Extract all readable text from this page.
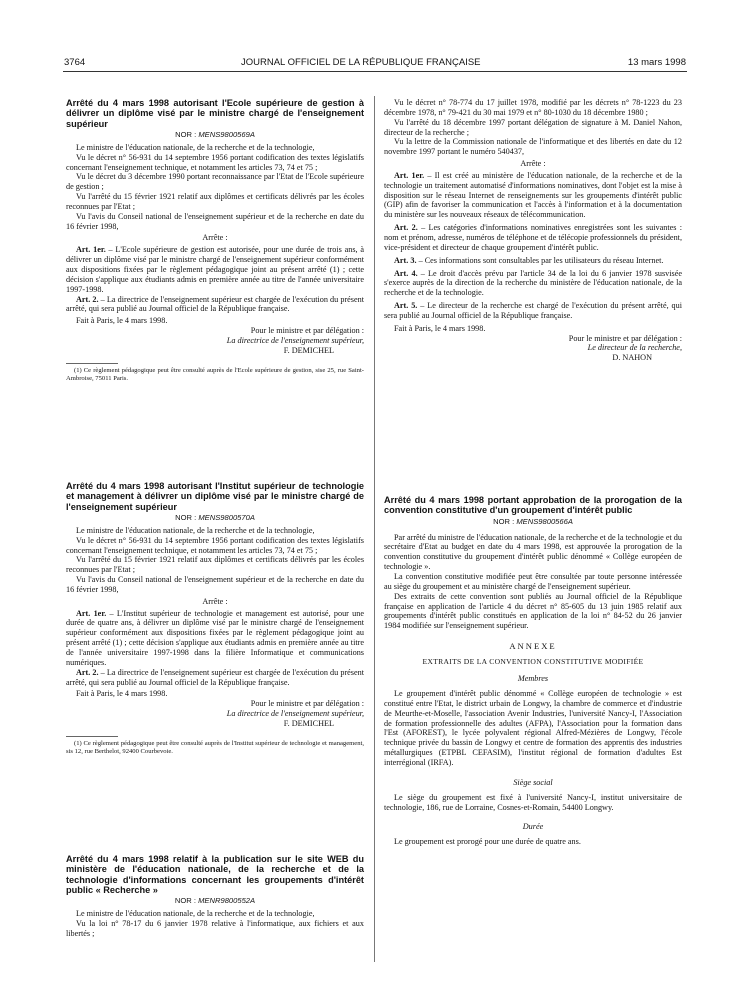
3764	JOURNAL OFFICIEL DE LA RÉPUBLIQUE FRANÇAISE	13 mars 1998

Arrêté du 4 mars 1998 autorisant l'Ecole supérieure de gestion à délivrer un diplôme visé par le ministre chargé de l'enseignement supérieur

NOR : MENS9800569A

Le ministre de l'éducation nationale, de la recherche et de la technologie,

Vu le décret n° 56-931 du 14 septembre 1956 portant codification des textes législatifs concernant l'enseignement technique, et notamment les articles 73, 74 et 75 ;

Vu le décret du 3 décembre 1990 portant reconnaissance par l'Etat de l'Ecole supérieure de gestion ;

Vu l'arrêté du 15 février 1921 relatif aux diplômes et certificats délivrés par les écoles reconnues par l'Etat ;

Vu l'avis du Conseil national de l'enseignement supérieur et de la recherche en date du 16 février 1998,

Arrête :

Art. 1er. – L'Ecole supérieure de gestion est autorisée, pour une durée de trois ans, à délivrer un diplôme visé par le ministre chargé de l'enseignement supérieur conformément aux dispositions fixées par le règlement pédagogique joint au présent arrêté (1) ; cette décision s'applique aux étudiants admis en première année au titre de l'année universitaire 1997-1998.

Art. 2. – La directrice de l'enseignement supérieur est chargée de l'exécution du présent arrêté, qui sera publié au Journal officiel de la République française.

Fait à Paris, le 4 mars 1998.

Pour le ministre et par délégation :

La directrice de l'enseignement supérieur,

F. DEMICHEL

(1) Ce règlement pédagogique peut être consulté auprès de l'Ecole supérieure de gestion, sise 25, rue Saint-Ambroise, 75011 Paris.

Arrêté du 4 mars 1998 autorisant l'Institut supérieur de technologie et management à délivrer un diplôme visé par le ministre chargé de l'enseignement supérieur

NOR : MENS9800570A

Le ministre de l'éducation nationale, de la recherche et de la technologie,

Vu le décret n° 56-931 du 14 septembre 1956 portant codification des textes législatifs concernant l'enseignement technique, et notamment les articles 73, 74 et 75 ;

Vu l'arrêté du 15 février 1921 relatif aux diplômes et certificats délivrés par les écoles reconnues par l'Etat ;

Vu l'avis du Conseil national de l'enseignement supérieur et de la recherche en date du 16 février 1998,

Arrête :

Art. 1er. – L'Institut supérieur de technologie et management est autorisé, pour une durée de quatre ans, à délivrer un diplôme visé par le ministre chargé de l'enseignement supérieur conformément aux dispositions fixées par le règlement pédagogique joint au présent arrêté (1) ; cette décision s'applique aux étudiants admis en première année au titre de l'année universitaire 1997-1998 dans la filière Informatique et communications numériques.

Art. 2. – La directrice de l'enseignement supérieur est chargée de l'exécution du présent arrêté, qui sera publié au Journal officiel de la République française.

Fait à Paris, le 4 mars 1998.

Pour le ministre et par délégation :

La directrice de l'enseignement supérieur,

F. DEMICHEL

(1) Ce règlement pédagogique peut être consulté auprès de l'Institut supérieur de technologie et management, sis 12, rue Berthelot, 92400 Courbevoie.

Arrêté du 4 mars 1998 relatif à la publication sur le site WEB du ministère de l'éducation nationale, de la recherche et de la technologie d'informations concernant les groupements d'intérêt public « Recherche »

NOR : MENR9800552A

Le ministre de l'éducation nationale, de la recherche et de la technologie,

Vu la loi n° 78-17 du 6 janvier 1978 relative à l'informatique, aux fichiers et aux libertés ;

Vu le décret n° 78-774 du 17 juillet 1978, modifié par les décrets n° 78-1223 du 23 décembre 1978, n° 79-421 du 30 mai 1979 et n° 80-1030 du 18 décembre 1980 ;

Vu l'arrêté du 18 décembre 1997 portant délégation de signature à M. Daniel Nahon, directeur de la recherche ;

Vu la lettre de la Commission nationale de l'informatique et des libertés en date du 12 novembre 1997 portant le numéro 540437,

Arrête :

Art. 1er. – Il est créé au ministère de l'éducation nationale, de la recherche et de la technologie un traitement automatisé d'informations nominatives, dont l'objet est la mise à disposition sur le réseau Internet de renseignements sur les groupements d'intérêt public (GIP) afin de favoriser la communication et l'accès à l'information et à la documentation du ministère sur les nouveaux réseaux de télécommunication.

Art. 2. – Les catégories d'informations nominatives enregistrées sont les suivantes : nom et prénom, adresse, numéros de téléphone et de télécopie professionnels du président, vice-président et directeur de chaque groupement d'intérêt public.

Art. 3. – Ces informations sont consultables par les utilisateurs du réseau Internet.

Art. 4. – Le droit d'accès prévu par l'article 34 de la loi du 6 janvier 1978 susvisée s'exerce auprès de la direction de la recherche du ministère de l'éducation nationale, de la recherche et de la technologie.

Art. 5. – Le directeur de la recherche est chargé de l'exécution du présent arrêté, qui sera publié au Journal officiel de la République française.

Fait à Paris, le 4 mars 1998.

Pour le ministre et par délégation :

Le directeur de la recherche,

D. NAHON

Arrêté du 4 mars 1998 portant approbation de la prorogation de la convention constitutive d'un groupement d'intérêt public

NOR : MENS9800566A

Par arrêté du ministre de l'éducation nationale, de la recherche et de la technologie et du secrétaire d'Etat au budget en date du 4 mars 1998, est approuvée la prorogation de la convention constitutive du groupement d'intérêt public dénommé « Collège européen de technologie ».

La convention constitutive modifiée peut être consultée par toute personne intéressée au siège du groupement et au ministère chargé de l'enseignement supérieur.

Des extraits de cette convention sont publiés au Journal officiel de la République française en application de l'article 4 du décret n° 85-605 du 13 juin 1985 relatif aux groupements d'intérêt public constitués en application de la loi n° 84-52 du 26 janvier 1984 modifiée sur l'enseignement supérieur.

ANNEXE

EXTRAITS DE LA CONVENTION CONSTITUTIVE MODIFIÉE

Membres

Le groupement d'intérêt public dénommé « Collège européen de technologie » est constitué entre l'Etat, le district urbain de Longwy, la chambre de commerce et d'industrie de Meurthe-et-Moselle, l'association Avenir Industries, l'université Nancy-I, l'Association de formation professionnelle des adultes (AFPA), l'Association pour la formation dans l'Est (AFOREST), le lycée polyvalent régional Alfred-Mézières de Longwy, l'école technique privée du bassin de Longwy et centre de formation des apprentis des industries métallurgiques (ETPBL CEFASIM), l'institut régional de formation d'adultes Est interrégional (IRFA).

Siège social

Le siège du groupement est fixé à l'université Nancy-I, institut universitaire de technologie, 186, rue de Lorraine, Cosnes-et-Romain, 54400 Longwy.

Durée

Le groupement est prorogé pour une durée de quatre ans.
